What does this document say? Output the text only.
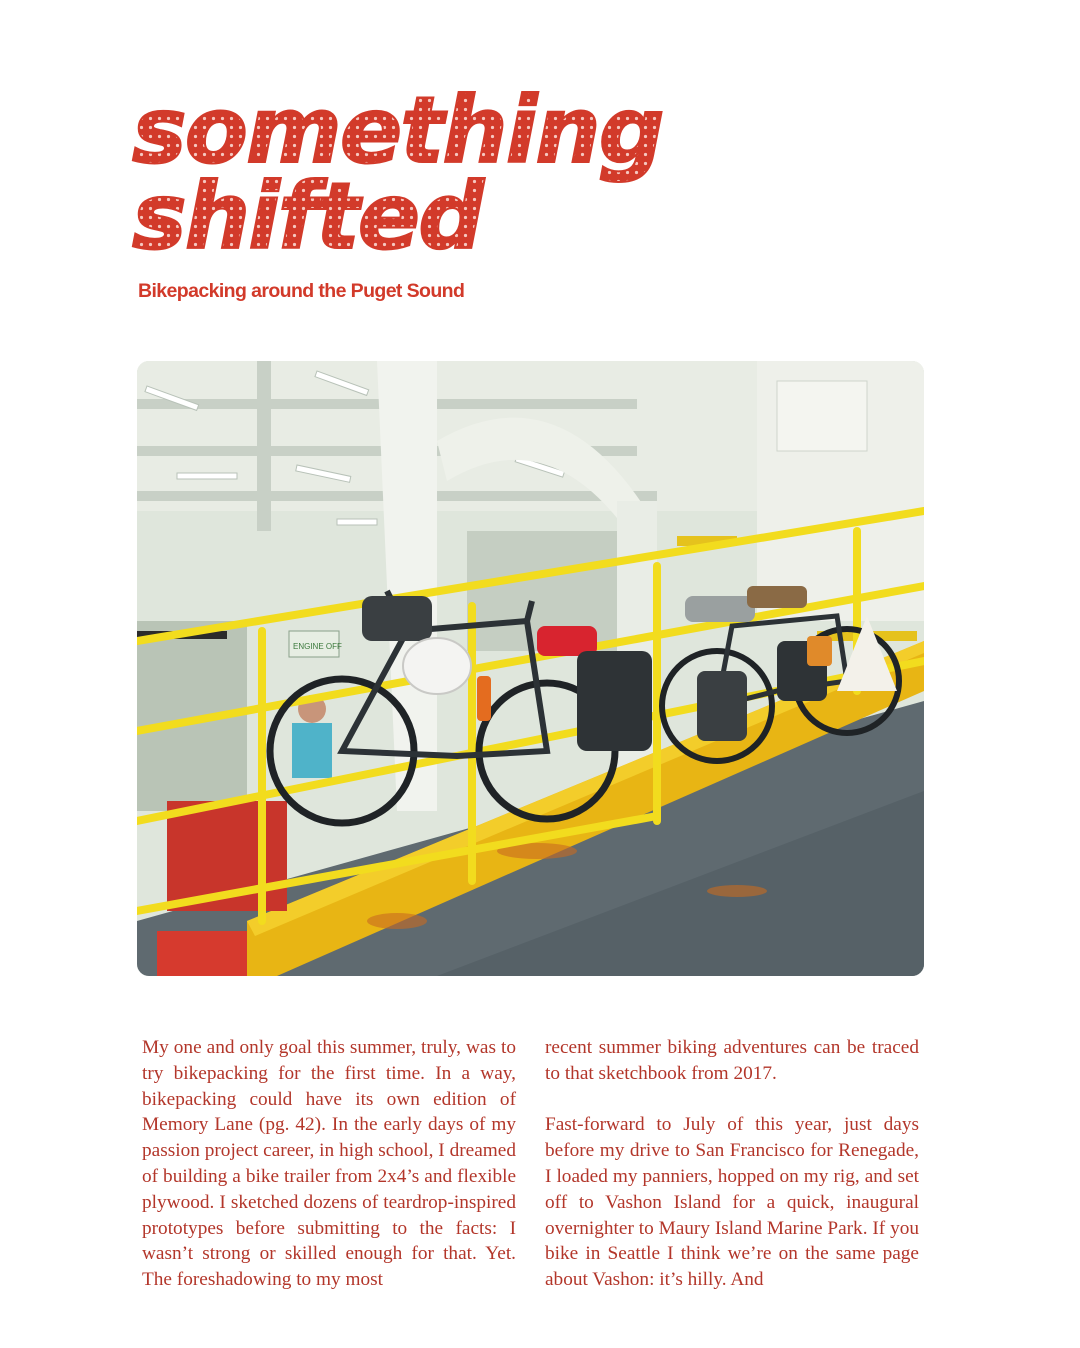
something
shifted
Bikepacking around the Puget Sound
ENGINE OFF

My one and only goal this summer, truly, was to try bikepacking for the first time. In a way, bikepacking could have its own edition of Memory Lane (pg. 42). In the early days of my passion project career, in high school, I dreamed of building a bike trailer from 2x4’s and flexible plywood. I sketched dozens of teardrop-inspired prototypes before submitting to the facts: I wasn’t strong or skilled enough for that. Yet. The foreshadowing to my most

recent summer biking adventures can be traced to that sketchbook from 2017.

Fast-forward to July of this year, just days before my drive to San Francisco for Renegade, I loaded my panniers, hopped on my rig, and set off to Vashon Island for a quick, inaugural overnighter to Maury Island Marine Park. If you bike in Seattle I think we’re on the same page about Vashon: it’s hilly. And
